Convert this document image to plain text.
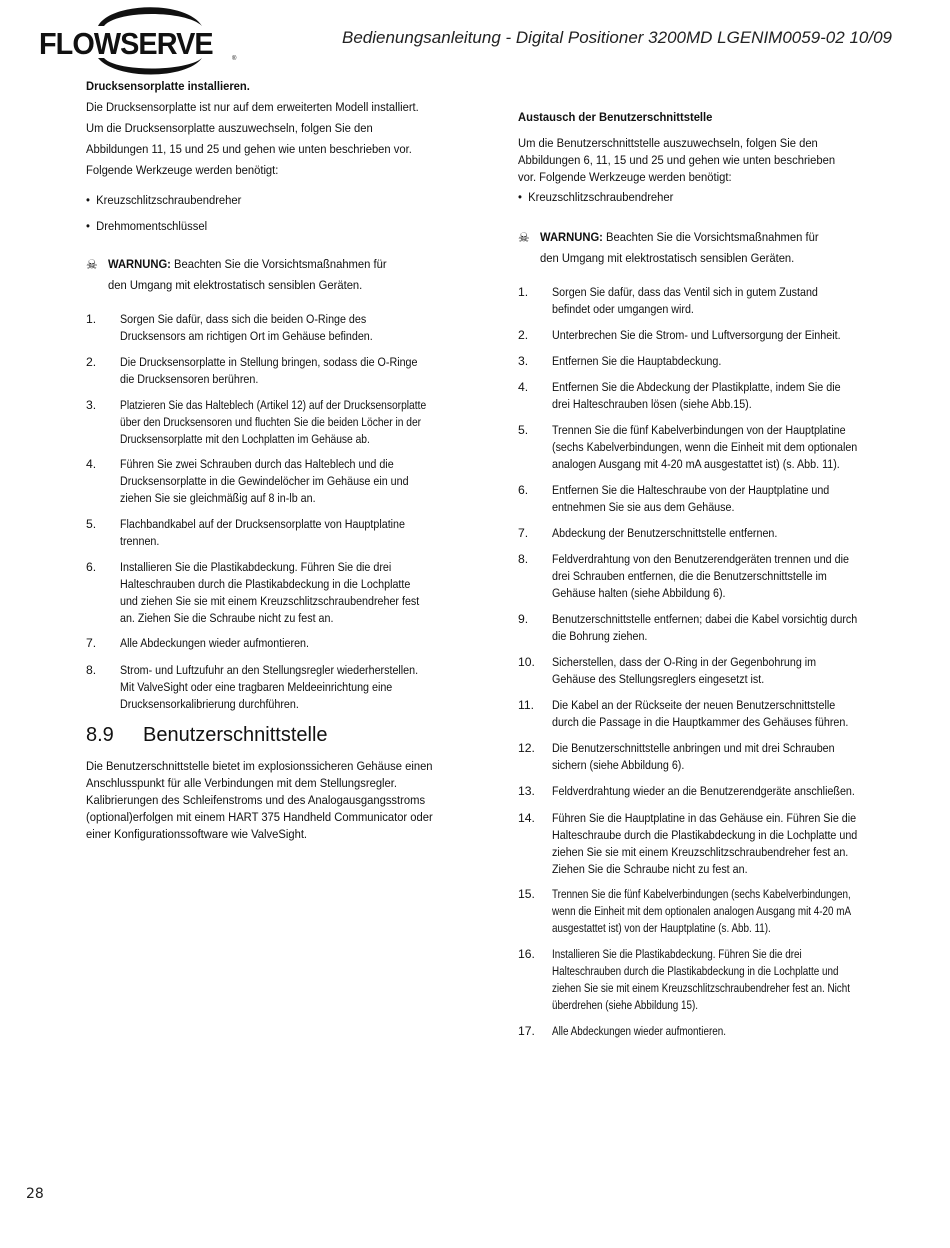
FLOWSERVE	®
Bedienungsanleitung - Digital Positioner 3200MD LGENIM0059-02 10/09
Drucksensorplatte installieren.
Die Drucksensorplatte ist nur auf dem erweiterten Modell installiert.
Um die Drucksensorplatte auszuwechseln, folgen Sie den
Abbildungen 11, 15 und 25 und gehen wie unten beschrieben vor.
Folgende Werkzeuge werden benötigt:
•  Kreuzschlitzschraubendreher
•  Drehmomentschlüssel
☠ WARNUNG: Beachten Sie die Vorsichtsmaßnahmen für
den Umgang mit elektrostatisch sensiblen Geräten.
1. Sorgen Sie dafür, dass sich die beiden O-Ringe des
Drucksensors am richtigen Ort im Gehäuse befinden.
2. Die Drucksensorplatte in Stellung bringen, sodass die O-Ringe
die Drucksensoren berühren.
3. Platzieren Sie das Halteblech (Artikel 12) auf der Drucksensorplatte
über den Drucksensoren und fluchten Sie die beiden Löcher in der
Drucksensorplatte mit den Lochplatten im Gehäuse ab.
4. Führen Sie zwei Schrauben durch das Halteblech und die
Drucksensorplatte in die Gewindelöcher im Gehäuse ein und
ziehen Sie sie gleichmäßig auf 8 in-lb an.
5. Flachbandkabel auf der Drucksensorplatte von Hauptplatine
trennen.
6. Installieren Sie die Plastikabdeckung. Führen Sie die drei
Halteschrauben durch die Plastikabdeckung in die Lochplatte
und ziehen Sie sie mit einem Kreuzschlitzschraubendreher fest
an. Ziehen Sie die Schraube nicht zu fest an.
7. Alle Abdeckungen wieder aufmontieren.
8. Strom- und Luftzufuhr an den Stellungsregler wiederherstellen.
Mit ValveSight oder eine tragbaren Meldeeinrichtung eine
Drucksensorkalibrierung durchführen.
8.9 Benutzerschnittstelle
Die Benutzerschnittstelle bietet im explosionssicheren Gehäuse einen
Anschlusspunkt für alle Verbindungen mit dem Stellungsregler.
Kalibrierungen des Schleifenstroms und des Analogausgangsstroms
(optional)erfolgen mit einem HART 375 Handheld Communicator oder
einer Konfigurationssoftware wie ValveSight.
Austausch der Benutzerschnittstelle
Um die Benutzerschnittstelle auszuwechseln, folgen Sie den
Abbildungen 6, 11, 15 und 25 und gehen wie unten beschrieben
vor. Folgende Werkzeuge werden benötigt:
•  Kreuzschlitzschraubendreher
☠ WARNUNG: Beachten Sie die Vorsichtsmaßnahmen für
den Umgang mit elektrostatisch sensiblen Geräten.
1. Sorgen Sie dafür, dass das Ventil sich in gutem Zustand
befindet oder umgangen wird.
2. Unterbrechen Sie die Strom- und Luftversorgung der Einheit.
3. Entfernen Sie die Hauptabdeckung.
4. Entfernen Sie die Abdeckung der Plastikplatte, indem Sie die
drei Halteschrauben lösen (siehe Abb.15).
5. Trennen Sie die fünf Kabelverbindungen von der Hauptplatine
(sechs Kabelverbindungen, wenn die Einheit mit dem optionalen
analogen Ausgang mit 4-20 mA ausgestattet ist) (s. Abb. 11).
6. Entfernen Sie die Halteschraube von der Hauptplatine und
entnehmen Sie sie aus dem Gehäuse.
7. Abdeckung der Benutzerschnittstelle entfernen.
8. Feldverdrahtung von den Benutzerendgeräten trennen und die
drei Schrauben entfernen, die die Benutzerschnittstelle im
Gehäuse halten (siehe Abbildung 6).
9. Benutzerschnittstelle entfernen; dabei die Kabel vorsichtig durch
die Bohrung ziehen.
10. Sicherstellen, dass der O-Ring in der Gegenbohrung im
Gehäuse des Stellungsreglers eingesetzt ist.
11. Die Kabel an der Rückseite der neuen Benutzerschnittstelle
durch die Passage in die Hauptkammer des Gehäuses führen.
12. Die Benutzerschnittstelle anbringen und mit drei Schrauben
sichern (siehe Abbildung 6).
13. Feldverdrahtung wieder an die Benutzerendgeräte anschließen.
14. Führen Sie die Hauptplatine in das Gehäuse ein. Führen Sie die
Halteschraube durch die Plastikabdeckung in die Lochplatte und
ziehen Sie sie mit einem Kreuzschlitzschraubendreher fest an.
Ziehen Sie die Schraube nicht zu fest an.
15. Trennen Sie die fünf Kabelverbindungen (sechs Kabelverbindungen,
wenn die Einheit mit dem optionalen analogen Ausgang mit 4-20 mA
ausgestattet ist) von der Hauptplatine (s. Abb. 11).
16. Installieren Sie die Plastikabdeckung. Führen Sie die drei
Halteschrauben durch die Plastikabdeckung in die Lochplatte und
ziehen Sie sie mit einem Kreuzschlitzschraubendreher fest an. Nicht
überdrehen (siehe Abbildung 15).
17. Alle Abdeckungen wieder aufmontieren.
28
